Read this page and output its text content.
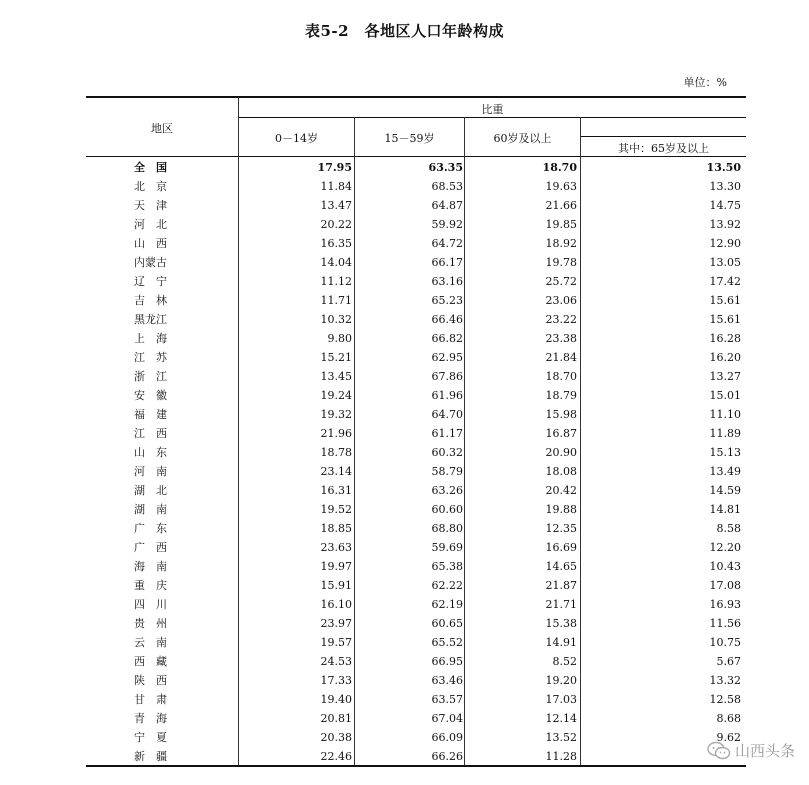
表5-2　各地区人口年龄构成
单位：%
地区
比重
0－14岁	15－59岁	60岁及以上
其中：65岁及以上
全　国	17.95	63.35	18.70	13.50
北　京	11.84	68.53	19.63	13.30
天　津	13.47	64.87	21.66	14.75
河　北	20.22	59.92	19.85	13.92
山　西	16.35	64.72	18.92	12.90
内蒙古	14.04	66.17	19.78	13.05
辽　宁	11.12	63.16	25.72	17.42
吉　林	11.71	65.23	23.06	15.61
黑龙江	10.32	66.46	23.22	15.61
上　海	9.80	66.82	23.38	16.28
江　苏	15.21	62.95	21.84	16.20
浙　江	13.45	67.86	18.70	13.27
安　徽	19.24	61.96	18.79	15.01
福　建	19.32	64.70	15.98	11.10
江　西	21.96	61.17	16.87	11.89
山　东	18.78	60.32	20.90	15.13
河　南	23.14	58.79	18.08	13.49
湖　北	16.31	63.26	20.42	14.59
湖　南	19.52	60.60	19.88	14.81
广　东	18.85	68.80	12.35	8.58
广　西	23.63	59.69	16.69	12.20
海　南	19.97	65.38	14.65	10.43
重　庆	15.91	62.22	21.87	17.08
四　川	16.10	62.19	21.71	16.93
贵　州	23.97	60.65	15.38	11.56
云　南	19.57	65.52	14.91	10.75
西　藏	24.53	66.95	8.52	5.67
陕　西	17.33	63.46	19.20	13.32
甘　肃	19.40	63.57	17.03	12.58
青　海	20.81	67.04	12.14	8.68
宁　夏	20.38	66.09	13.52	9.62
新　疆	22.46	66.26	11.28	山西头条
